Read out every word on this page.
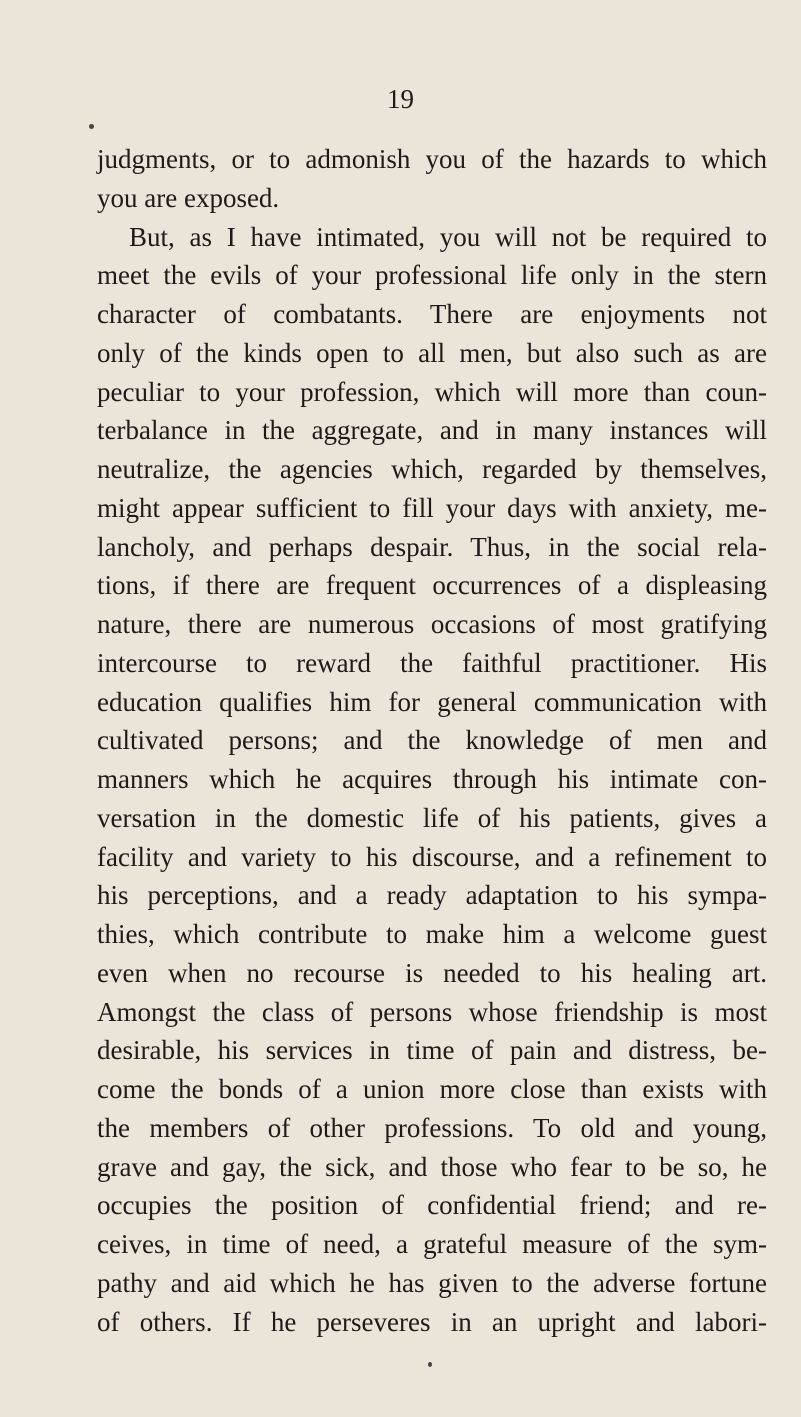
19
judgments, or to admonish you of the hazards to which
you are exposed.
But, as I have intimated, you will not be required to
meet the evils of your professional life only in the stern
character of combatants. There are enjoyments not
only of the kinds open to all men, but also such as are
peculiar to your profession, which will more than coun-
terbalance in the aggregate, and in many instances will
neutralize, the agencies which, regarded by themselves,
might appear sufficient to fill your days with anxiety, me-
lancholy, and perhaps despair. Thus, in the social rela-
tions, if there are frequent occurrences of a displeasing
nature, there are numerous occasions of most gratifying
intercourse to reward the faithful practitioner. His
education qualifies him for general communication with
cultivated persons; and the knowledge of men and
manners which he acquires through his intimate con-
versation in the domestic life of his patients, gives a
facility and variety to his discourse, and a refinement to
his perceptions, and a ready adaptation to his sympa-
thies, which contribute to make him a welcome guest
even when no recourse is needed to his healing art.
Amongst the class of persons whose friendship is most
desirable, his services in time of pain and distress, be-
come the bonds of a union more close than exists with
the members of other professions. To old and young,
grave and gay, the sick, and those who fear to be so, he
occupies the position of confidential friend; and re-
ceives, in time of need, a grateful measure of the sym-
pathy and aid which he has given to the adverse fortune
of others. If he perseveres in an upright and labori-
